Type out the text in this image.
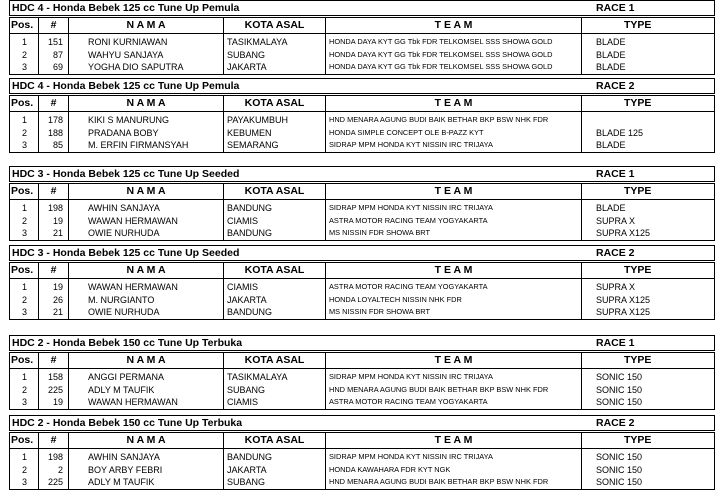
HDC 4 - Honda Bebek 125 cc Tune Up Pemula	RACE 1
Pos.	#	N A M A	KOTA ASAL	T E A M	TYPE
1	151	RONI KURNIAWAN	TASIKMALAYA	HONDA DAYA KYT GG Tbk FDR TELKOMSEL SSS SHOWA GOLD	BLADE
2	87	WAHYU SANJAYA	SUBANG	HONDA DAYA KYT GG Tbk FDR TELKOMSEL SSS SHOWA GOLD	BLADE
3	69	YOGHA DIO SAPUTRA	JAKARTA	HONDA DAYA KYT GG Tbk FDR TELKOMSEL SSS SHOWA GOLD	BLADE
HDC 4 - Honda Bebek 125 cc Tune Up Pemula	RACE 2
Pos.	#	N A M A	KOTA ASAL	T E A M	TYPE
1	178	KIKI S MANURUNG	PAYAKUMBUH	HND MENARA AGUNG BUDI BAIK BETHAR BKP BSW NHK FDR
2	188	PRADANA BOBY	KEBUMEN	HONDA SIMPLE CONCEPT OLE B-PAZZ KYT	BLADE 125
3	85	M. ERFIN FIRMANSYAH	SEMARANG	SIDRAP MPM HONDA KYT NISSIN IRC TRIJAYA	BLADE
HDC 3 - Honda Bebek 125 cc Tune Up Seeded	RACE 1
Pos.	#	N A M A	KOTA ASAL	T E A M	TYPE
1	198	AWHIN SANJAYA	BANDUNG	SIDRAP MPM HONDA KYT NISSIN IRC TRIJAYA	BLADE
2	19	WAWAN HERMAWAN	CIAMIS	ASTRA MOTOR RACING TEAM YOGYAKARTA	SUPRA X
3	21	OWIE NURHUDA	BANDUNG	MS NISSIN FDR SHOWA BRT	SUPRA X125
HDC 3 - Honda Bebek 125 cc Tune Up Seeded	RACE 2
Pos.	#	N A M A	KOTA ASAL	T E A M	TYPE
1	19	WAWAN HERMAWAN	CIAMIS	ASTRA MOTOR RACING TEAM YOGYAKARTA	SUPRA X
2	26	M. NURGIANTO	JAKARTA	HONDA LOYALTECH NISSIN NHK FDR	SUPRA X125
3	21	OWIE NURHUDA	BANDUNG	MS NISSIN FDR SHOWA BRT	SUPRA X125
HDC 2 - Honda Bebek 150 cc Tune Up Terbuka	RACE 1
Pos.	#	N A M A	KOTA ASAL	T E A M	TYPE
1	158	ANGGI PERMANA	TASIKMALAYA	SIDRAP MPM HONDA KYT NISSIN IRC TRIJAYA	SONIC 150
2	225	ADLY M TAUFIK	SUBANG	HND MENARA AGUNG BUDI BAIK BETHAR BKP BSW NHK FDR	SONIC 150
3	19	WAWAN HERMAWAN	CIAMIS	ASTRA MOTOR RACING TEAM YOGYAKARTA	SONIC 150
HDC 2 - Honda Bebek 150 cc Tune Up Terbuka	RACE 2
Pos.	#	N A M A	KOTA ASAL	T E A M	TYPE
1	198	AWHIN SANJAYA	BANDUNG	SIDRAP MPM HONDA KYT NISSIN IRC TRIJAYA	SONIC 150
2	2	BOY ARBY FEBRI	JAKARTA	HONDA KAWAHARA FDR KYT NGK	SONIC 150
3	225	ADLY M TAUFIK	SUBANG	HND MENARA AGUNG BUDI BAIK BETHAR BKP BSW NHK FDR	SONIC 150
